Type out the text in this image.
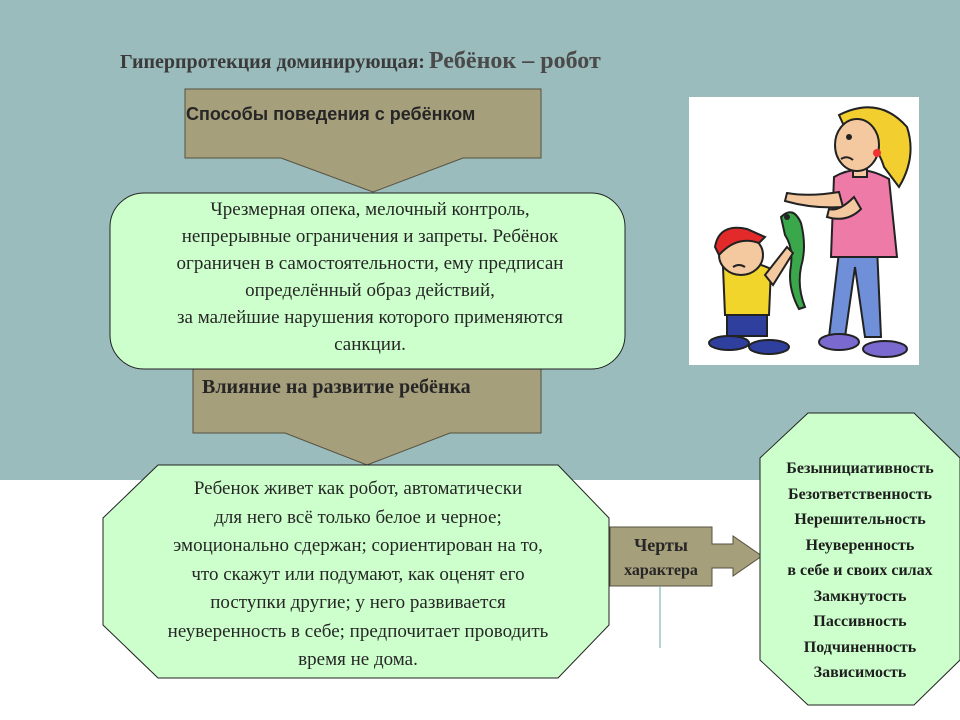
Гиперпротекция доминирующая: Ребёнок – робот
Способы поведения с ребёнком
Чрезмерная опека, мелочный контроль,
непрерывные ограничения и запреты. Ребёнок
ограничен в самостоятельности, ему предписан
определённый образ действий,
за малейшие нарушения которого применяются
санкции.
Влияние на развитие ребёнка
Ребенок живет как робот, автоматически
для него всё только белое и черное;
эмоционально сдержан; сориентирован на то,
что скажут или подумают, как оценят его
поступки другие; у него развивается
неуверенность в себе; предпочитает проводить
время не дома.
Черты
характера
Безынициативность
Безответственность
Нерешительность
Неуверенность
в себе и своих силах
Замкнутость
Пассивность
Подчиненность
Зависимость
